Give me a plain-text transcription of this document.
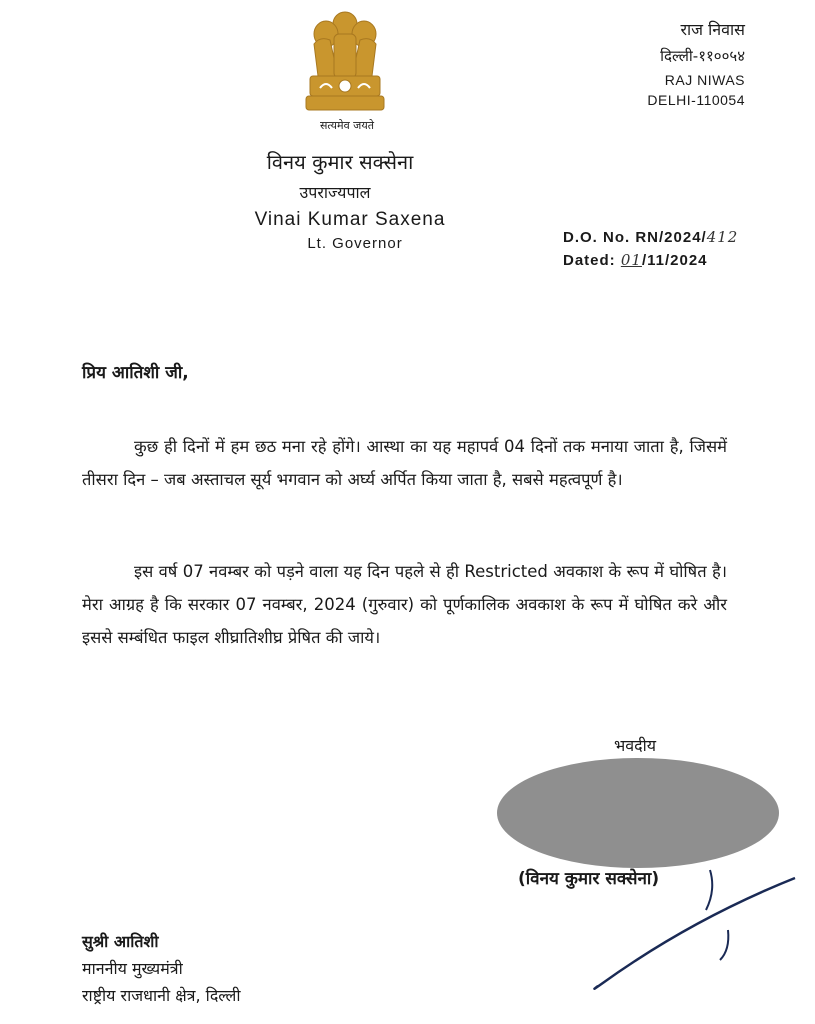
सत्यमेव जयते
राज निवास
दिल्ली-११००५४
RAJ NIWAS
DELHI-110054
विनय कुमार सक्सेना
उपराज्यपाल
Vinai Kumar Saxena
Lt. Governor	D.O. No. RN/2024/412
Dated: 01/11/2024
प्रिय आतिशी जी,
कुछ ही दिनों में हम छठ मना रहे होंगे। आस्था का यह महापर्व 04 दिनों तक मनाया जाता है, जिसमें तीसरा दिन – जब अस्ताचल सूर्य भगवान को अर्घ्य अर्पित किया जाता है, सबसे महत्वपूर्ण है।
इस वर्ष 07 नवम्बर को पड़ने वाला यह दिन पहले से ही Restricted अवकाश के रूप में घोषित है। मेरा आग्रह है कि सरकार 07 नवम्बर, 2024 (गुरुवार) को पूर्णकालिक अवकाश के रूप में घोषित करे और इससे सम्बंधित फाइल शीघ्रातिशीघ्र प्रेषित की जाये।
भवदीय
(विनय कुमार सक्सेना)
सुश्री आतिशी
माननीय मुख्यमंत्री
राष्ट्रीय राजधानी क्षेत्र, दिल्ली
